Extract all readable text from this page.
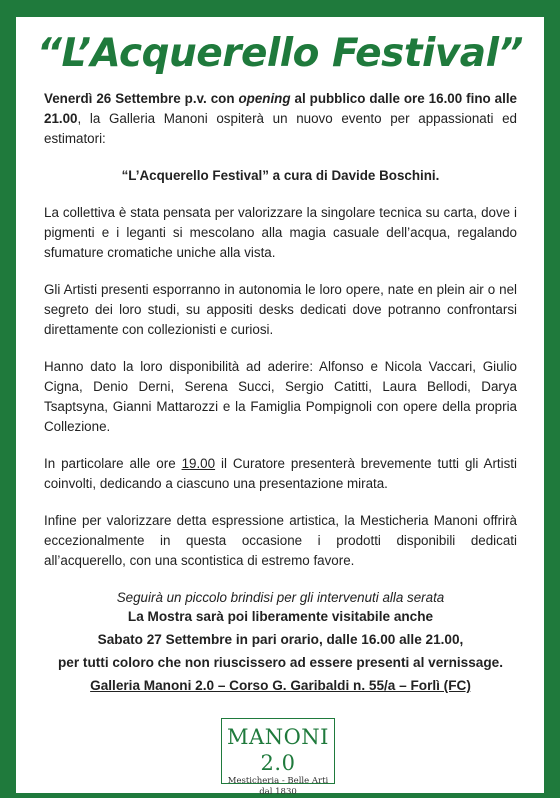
“L’Acquerello Festival”

Venerdì 26 Settembre p.v. con opening al pubblico dalle ore 16.00 fino alle 21.00, la Galleria Manoni ospiterà un nuovo evento per appassionati ed estimatori:

“L’Acquerello Festival” a cura di Davide Boschini.

La collettiva è stata pensata per valorizzare la singolare tecnica su carta, dove i pigmenti e i leganti si mescolano alla magia casuale dell’acqua, regalando sfumature cromatiche uniche alla vista.

Gli Artisti presenti esporranno in autonomia le loro opere, nate en plein air o nel segreto dei loro studi, su appositi desks dedicati dove potranno confrontarsi direttamente con collezionisti e curiosi.

Hanno dato la loro disponibilità ad aderire: Alfonso e Nicola Vaccari, Giulio Cigna, Denio Derni, Serena Succi, Sergio Catitti, Laura Bellodi, Darya Tsaptsyna, Gianni Mattarozzi e la Famiglia Pompignoli con opere della propria Collezione.

In particolare alle ore 19.00 il Curatore presenterà brevemente tutti gli Artisti coinvolti, dedicando a ciascuno una presentazione mirata.

Infine per valorizzare detta espressione artistica, la Mesticheria Manoni offrirà eccezionalmente in questa occasione i prodotti disponibili dedicati all’acquerello, con una scontistica di estremo favore.

Seguirà un piccolo brindisi per gli intervenuti alla serata

La Mostra sarà poi liberamente visitabile anche
Sabato 27 Settembre in pari orario, dalle 16.00 alle 21.00,
per tutti coloro che non riuscissero ad essere presenti al vernissage.
Galleria Manoni 2.0 – Corso G. Garibaldi n. 55/a – Forlì (FC)
MANONI 2.0
Mesticheria - Belle Arti
dal 1830
